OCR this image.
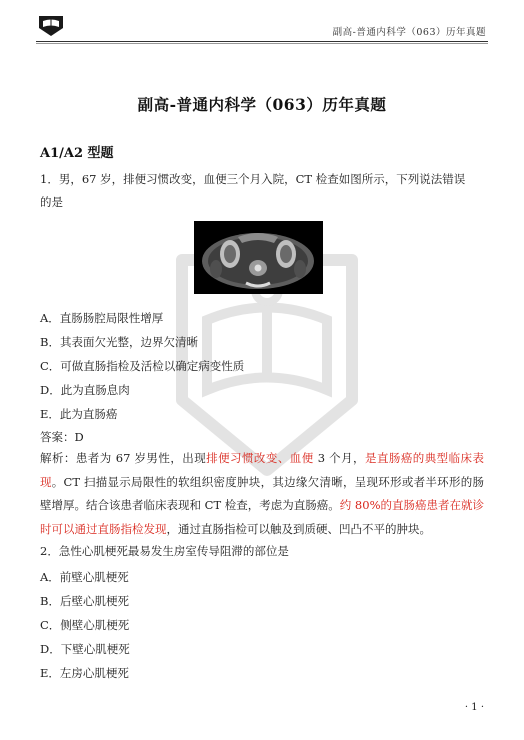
副高-普通内科学（063）历年真题
副高-普通内科学（063）历年真题
A1/A2 型题
1．男，67 岁，排便习惯改变，血便三个月入院，CT 检查如图所示，下列说法错误
的是
A．直肠肠腔局限性增厚
B．其表面欠光整，边界欠清晰
C．可做直肠指检及活检以确定病变性质
D．此为直肠息肉
E．此为直肠癌
答案：D
解析：患者为 67 岁男性，出现排便习惯改变、血便 3 个月，是直肠癌的典型临床表现。CT 扫描显示局限性的软组织密度肿块，其边缘欠清晰，呈现环形或者半环形的肠壁增厚。结合该患者临床表现和 CT 检查，考虑为直肠癌。约 80%的直肠癌患者在就诊时可以通过直肠指检发现，通过直肠指检可以触及到质硬、凹凸不平的肿块。
2．急性心肌梗死最易发生房室传导阻滞的部位是
A．前壁心肌梗死
B．后壁心肌梗死
C．侧壁心肌梗死
D．下壁心肌梗死
E．左房心肌梗死
· 1 ·
